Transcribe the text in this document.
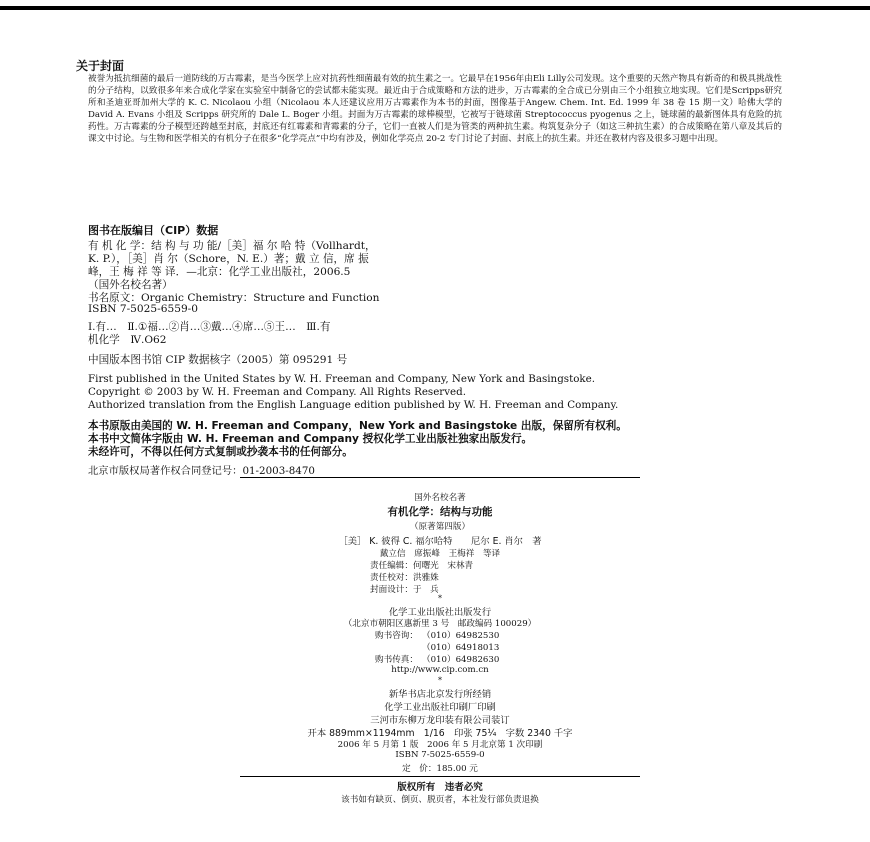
关于封面
被誉为抵抗细菌的最后一道防线的万古霉素，是当今医学上应对抗药性细菌最有效的抗生素之一。它最早在1956年由Eli Lilly公司发现。这个重要的天然产物具有新奇的和极具挑战性的分子结构，以致很多年来合成化学家在实验室中制备它的尝试都未能实现。最近由于合成策略和方法的进步，万古霉素的全合成已分别由三个小组独立地实现。它们是Scripps研究所和圣迪亚哥加州大学的 K. C. Nicolaou 小组（Nicolaou 本人还建议应用万古霉素作为本书的封面，图像基于Angew. Chem. Int. Ed. 1999 年 38 卷 15 期一文）哈佛大学的 David A. Evans 小组及 Scripps 研究所的 Dale L. Boger 小组。封面为万古霉素的球棒模型，它被写于链球菌 Streptococcus pyogenus 之上，链球菌的最新图体具有危险的抗药性。万古霉素的分子模型还跨越至封底，封底还有红霉素和青霉素的分子，它们一直被人们是为管类的两种抗生素。构筑复杂分子（如这三种抗生素）的合成策略在第八章及其后的课文中讨论。与生物和医学相关的有机分子在很多“化学亮点”中均有涉及，例如化学亮点 20-2 专门讨论了封面、封底上的抗生素。并还在教材内容及很多习题中出现。
图书在版编目（CIP）数据
有 机 化 学：结 构 与 功 能/［美］福 尔 哈 特（Vollhardt，
K. P.），［美］肖 尔（Schore，N. E.）著；戴 立 信，席 振
峰，王 梅 祥 等 译．—北京：化学工业出版社，2006.5
（国外名校名著）
书名原文：Organic Chemistry：Structure and Function
ISBN 7-5025-6559-0
Ⅰ.有…　Ⅱ.①福…②肖…③戴…④席…⑤王…　Ⅲ.有
机化学　Ⅳ.O62
中国版本图书馆 CIP 数据核字（2005）第 095291 号
First published in the United States by W. H. Freeman and Company, New York and Basingstoke.
Copyright © 2003 by W. H. Freeman and Company. All Rights Reserved.
Authorized translation from the English Language edition published by W. H. Freeman and Company.
本书原版由美国的 W. H. Freeman and Company，New York and Basingstoke 出版，保留所有权利。
本书中文简体字版由 W. H. Freeman and Company 授权化学工业出版社独家出版发行。
未经许可，不得以任何方式复制或抄袭本书的任何部分。
北京市版权局著作权合同登记号：01-2003-8470
国外名校名著
有机化学：结构与功能
（原著第四版）
［美］ K. 彼得 C. 福尔哈特　　尼尔 E. 肖尔　著
戴立信　席振峰　王梅祥　等译
责任编辑：何曙光　宋林青
责任校对：洪雅姝
封面设计：于　兵
*
化学工业出版社出版发行
（北京市朝阳区惠新里 3 号　邮政编码 100029）
购书咨询： （010）64982530
（010）64918013
购书传真： （010）64982630
http://www.cip.com.cn
*
新华书店北京发行所经销
化学工业出版社印刷厂印刷
三河市东柳万龙印装有限公司装订
开本 889mm×1194mm　1/16　印张 75¼　字数 2340 千字
2006 年 5 月第 1 版　2006 年 5 月北京第 1 次印刷
ISBN 7-5025-6559-0
定　价：185.00 元
版权所有　违者必究
该书如有缺页、倒页、脱页者，本社发行部负责退换
